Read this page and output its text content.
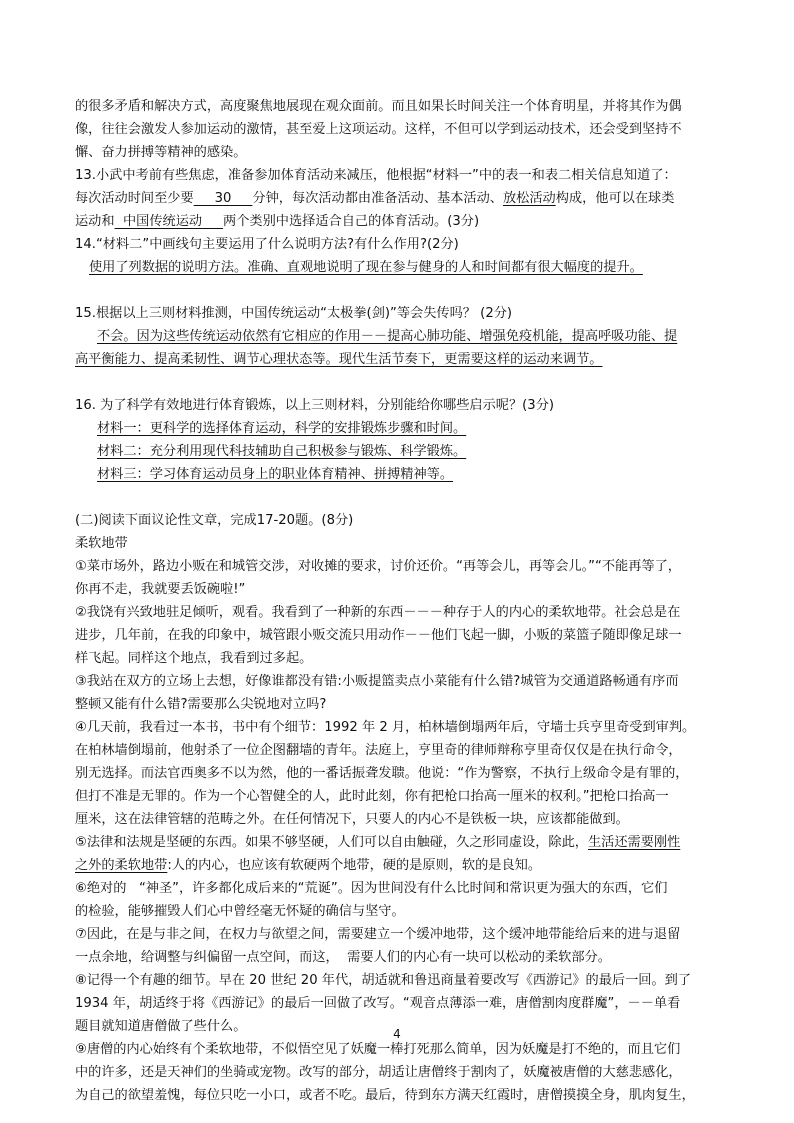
的很多矛盾和解决方式，高度聚焦地展现在观众面前。而且如果长时间关注一个体育明星，并将其作为偶

像，往往会激发人参加运动的激情，甚至爱上这项运动。这样，不但可以学到运动技术，还会受到坚持不

懈、奋力拼搏等精神的感染。

13.小武中考前有些焦虑，准备参加体育活动来减压，他根据“材料一”中的表一和表二相关信息知道了：

每次活动时间至少要     30     分钟，每次活动都由准备活动、基本活动、放松活动构成，他可以在球类

运动和  中国传统运动     两个类别中选择适合自己的体育活动。(3分)

14.“材料二”中画线句主要运用了什么说明方法?有什么作用?(2分)

使用了列数据的说明方法。准确、直观地说明了现在参与健身的人和时间都有很大幅度的提升。

15.根据以上三则材料推测，中国传统运动“太极拳(剑)”等会失传吗？ (2分)

不会。因为这些传统运动依然有它相应的作用－－提高心肺功能、增强免疫机能，提高呼吸功能、提

高平衡能力、提高柔韧性、调节心理状态等。现代生活节奏下，更需要这样的运动来调节。

16. 为了科学有效地进行体育锻炼，以上三则材料，分别能给你哪些启示呢？(3分)

材料一：更科学的选择体育运动，科学的安排锻炼步骤和时间。

材料二：充分利用现代科技辅助自己积极参与锻炼、科学锻炼。

材料三：学习体育运动员身上的职业体育精神、拼搏精神等。

(二)阅读下面议论性文章，完成17-20题。(8分)

柔软地带

①菜市场外，路边小贩在和城管交涉，对收摊的要求，讨价还价。“再等会儿，再等会儿。”“不能再等了，

你再不走，我就要丢饭碗啦!”

②我饶有兴致地驻足倾听，观看。我看到了一种新的东西－－－种存于人的内心的柔软地带。社会总是在

进步，几年前，在我的印象中，城管跟小贩交流只用动作－－他们飞起一脚，小贩的菜篮子随即像足球一

样飞起。同样这个地点，我看到过多起。

③我站在双方的立场上去想，好像谁都没有错:小贩提篮卖点小菜能有什么错?城管为交通道路畅通有序而

整顿又能有什么错?需要那么尖锐地对立吗?

④几天前，我看过一本书，书中有个细节：1992 年 2 月，柏林墙倒塌两年后，守墙士兵亨里奇受到审判。

在柏林墙倒塌前，他射杀了一位企图翻墙的青年。法庭上，亨里奇的律师辩称亨里奇仅仅是在执行命令，

别无选择。而法官西奥多不以为然，他的一番话振聋发聩。他说：“作为警察，不执行上级命令是有罪的，

但打不准是无罪的。作为一个心智健全的人，此时此刻，你有把枪口抬高一厘米的权利。”把枪口抬高一

厘米，这在法律管辖的范畴之外。在任何情况下，只要人的内心不是铁板一块，应该都能做到。

⑤法律和法规是坚硬的东西。如果不够坚硬，人们可以自由触碰，久之形同虚设，除此，生活还需要刚性

之外的柔软地带:人的内心，也应该有软硬两个地带，硬的是原则，软的是良知。

⑥绝对的   “神圣”，许多都化成后来的“荒诞”。因为世间没有什么比时间和常识更为强大的东西，它们

的检验，能够摧毁人们心中曾经毫无怀疑的确信与坚守。

⑦因此，在是与非之间，在权力与欲望之间，需要建立一个缓冲地带，这个缓冲地带能给后来的进与退留

一点余地，给调整与纠偏留一点空间，而这，  需要人们的内心有一块可以松动的柔软部分。

⑧记得一个有趣的细节。早在 20 世纪 20 年代，胡适就和鲁迅商量着要改写《西游记》的最后一回。到了

1934 年，胡适终于将《西游记》的最后一回做了改写。“观音点薄添一难，唐僧割肉度群魔”，－－单看

题目就知道唐僧做了些什么。

⑨唐僧的内心始终有个柔软地带，不似悟空见了妖魔一棒打死那么简单，因为妖魔是打不绝的，而且它们

中的许多，还是天神们的坐骑或宠物。改写的部分，胡适让唐僧终于割肉了，妖魔被唐僧的大慈悲感化，

为自己的欲望羞愧，每位只吃一小口，或者不吃。最后，待到东方满天红霞时，唐僧摸摸全身，肌肉复生，

4
